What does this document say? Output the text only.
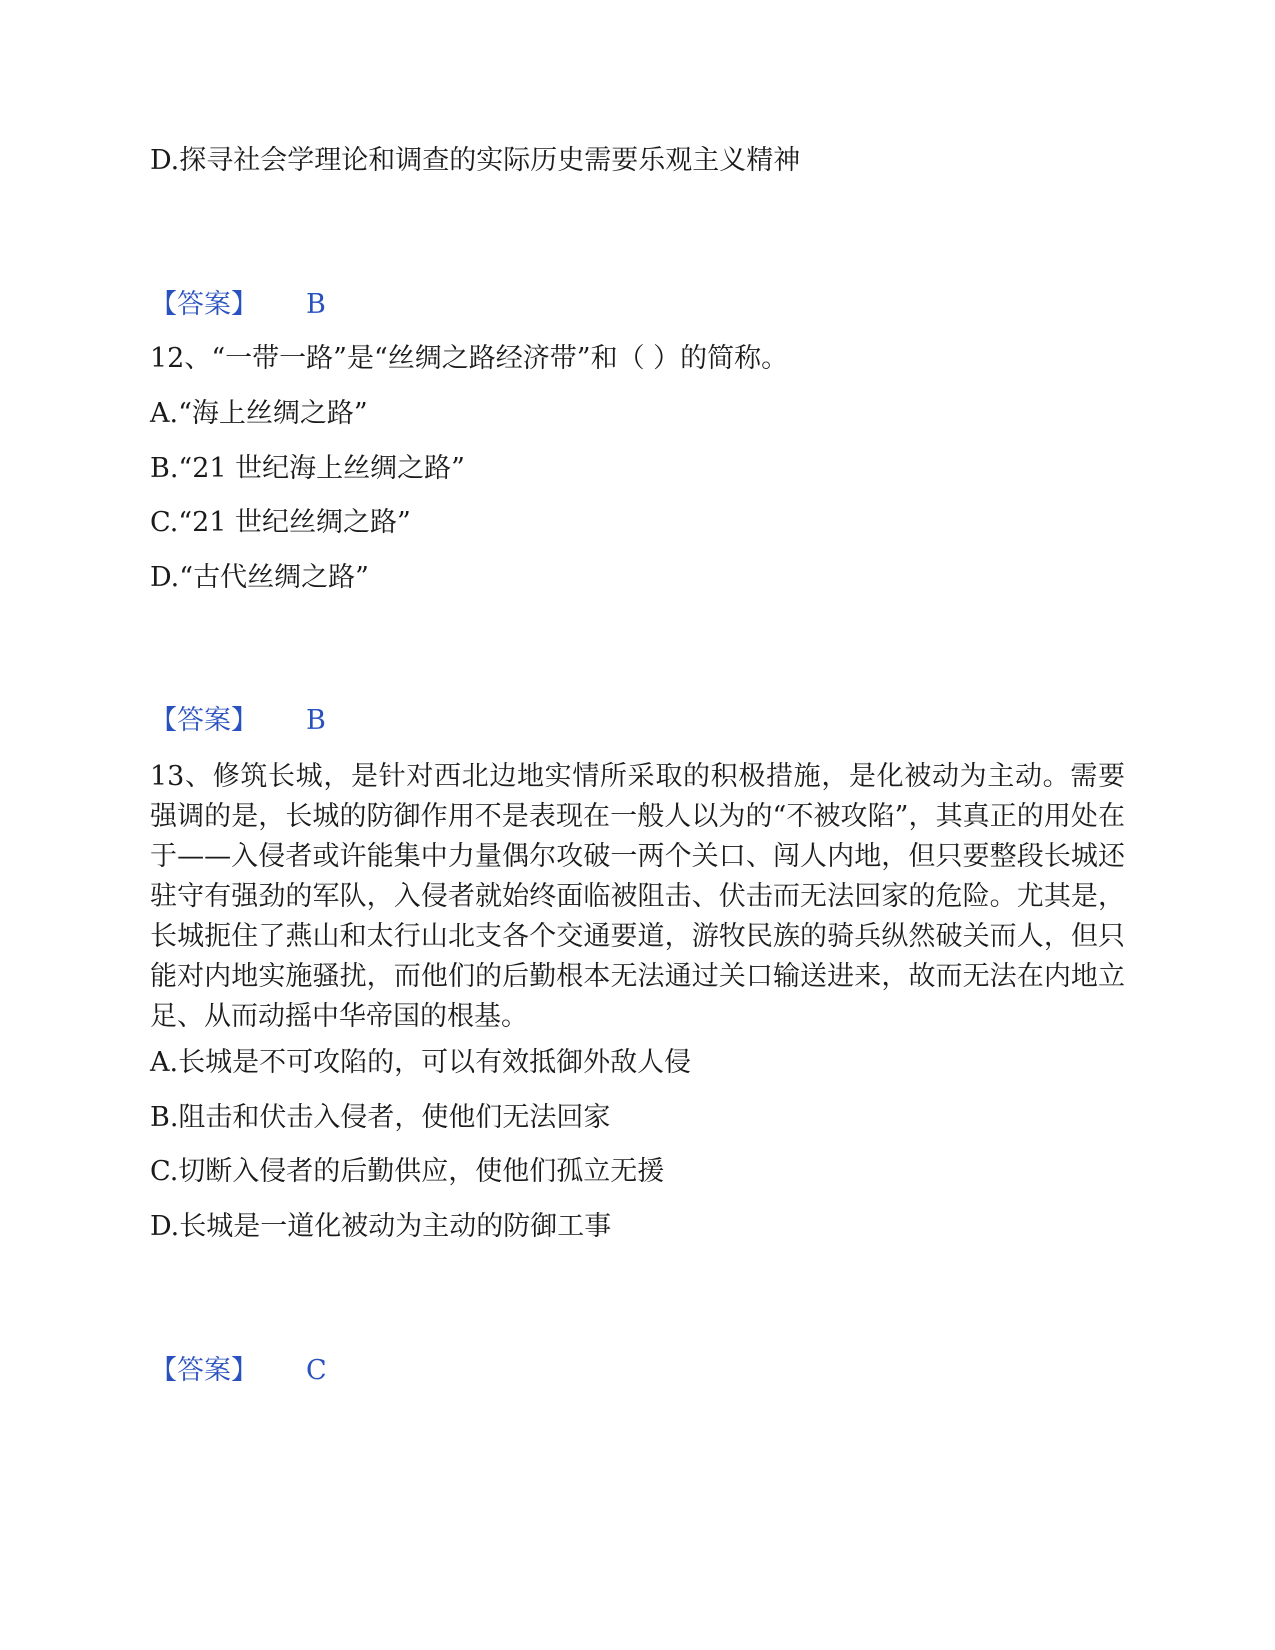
D.探寻社会学理论和调查的实际历史需要乐观主义精神
【答案】 B
12、“一带一路”是“丝绸之路经济带”和（ ）的简称。
A.“海上丝绸之路”
B.“21 世纪海上丝绸之路”
C.“21 世纪丝绸之路”
D.“古代丝绸之路”
【答案】 B
13、修筑长城，是针对西北边地实情所采取的积极措施，是化被动为主动。需要强调的是，长城的防御作用不是表现在一般人以为的“不被攻陷”，其真正的用处在于——入侵者或许能集中力量偶尔攻破一两个关口、闯人内地，但只要整段长城还驻守有强劲的军队，入侵者就始终面临被阻击、伏击而无法回家的危险。尤其是，长城扼住了燕山和太行山北支各个交通要道，游牧民族的骑兵纵然破关而人，但只能对内地实施骚扰，而他们的后勤根本无法通过关口输送进来，故而无法在内地立足、从而动摇中华帝国的根基。
A.长城是不可攻陷的，可以有效抵御外敌人侵
B.阻击和伏击入侵者，使他们无法回家
C.切断入侵者的后勤供应，使他们孤立无援
D.长城是一道化被动为主动的防御工事
【答案】 C
